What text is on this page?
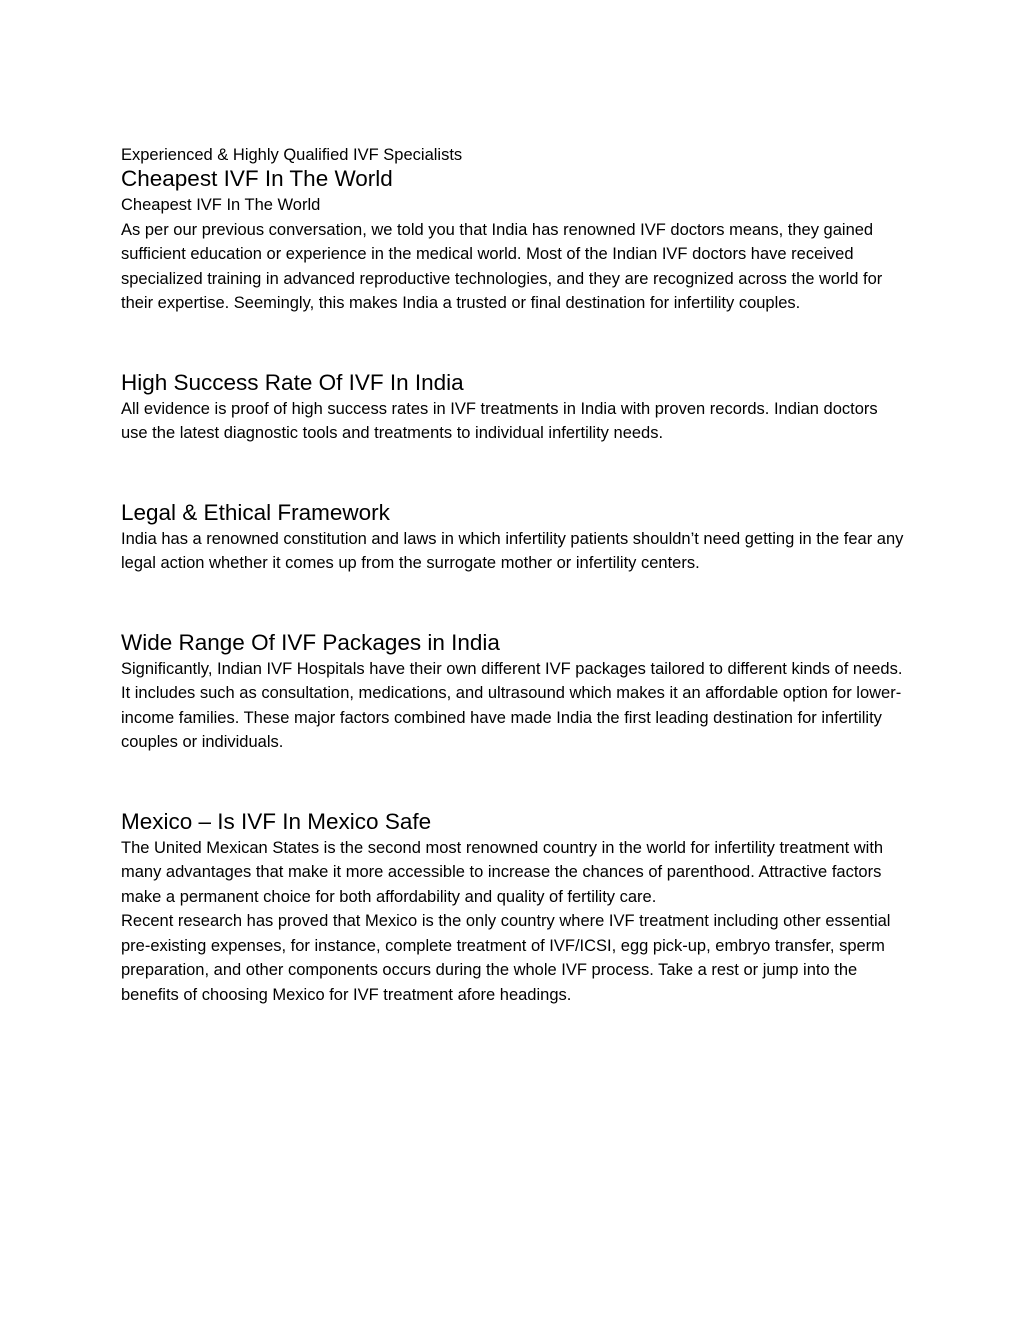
Experienced & Highly Qualified IVF Specialists

Cheapest IVF In The World

Cheapest IVF In The World

As per our previous conversation, we told you that India has renowned IVF doctors means, they gained sufficient education or experience in the medical world. Most of the Indian IVF doctors have received specialized training in advanced reproductive technologies, and they are recognized across the world for their expertise. Seemingly, this makes India a trusted or final destination for infertility couples.

High Success Rate Of IVF In India

All evidence is proof of high success rates in IVF treatments in India with proven records. Indian doctors use the latest diagnostic tools and treatments to individual infertility needs.

Legal & Ethical Framework

India has a renowned constitution and laws in which infertility patients shouldn’t need getting in the fear any legal action whether it comes up from the surrogate mother or infertility centers.

Wide Range Of IVF Packages in India

Significantly, Indian IVF Hospitals have their own different IVF packages tailored to different kinds of needs. It includes such as consultation, medications, and ultrasound which makes it an affordable option for lower-income families. These major factors combined have made India the first leading destination for infertility couples or individuals.

Mexico – Is IVF In Mexico Safe

The United Mexican States is the second most renowned country in the world for infertility treatment with many advantages that make it more accessible to increase the chances of parenthood. Attractive factors make a permanent choice for both affordability and quality of fertility care.

Recent research has proved that Mexico is the only country where IVF treatment including other essential pre-existing expenses, for instance, complete treatment of IVF/ICSI, egg pick-up, embryo transfer, sperm preparation, and other components occurs during the whole IVF process. Take a rest or jump into the benefits of choosing Mexico for IVF treatment afore headings.
